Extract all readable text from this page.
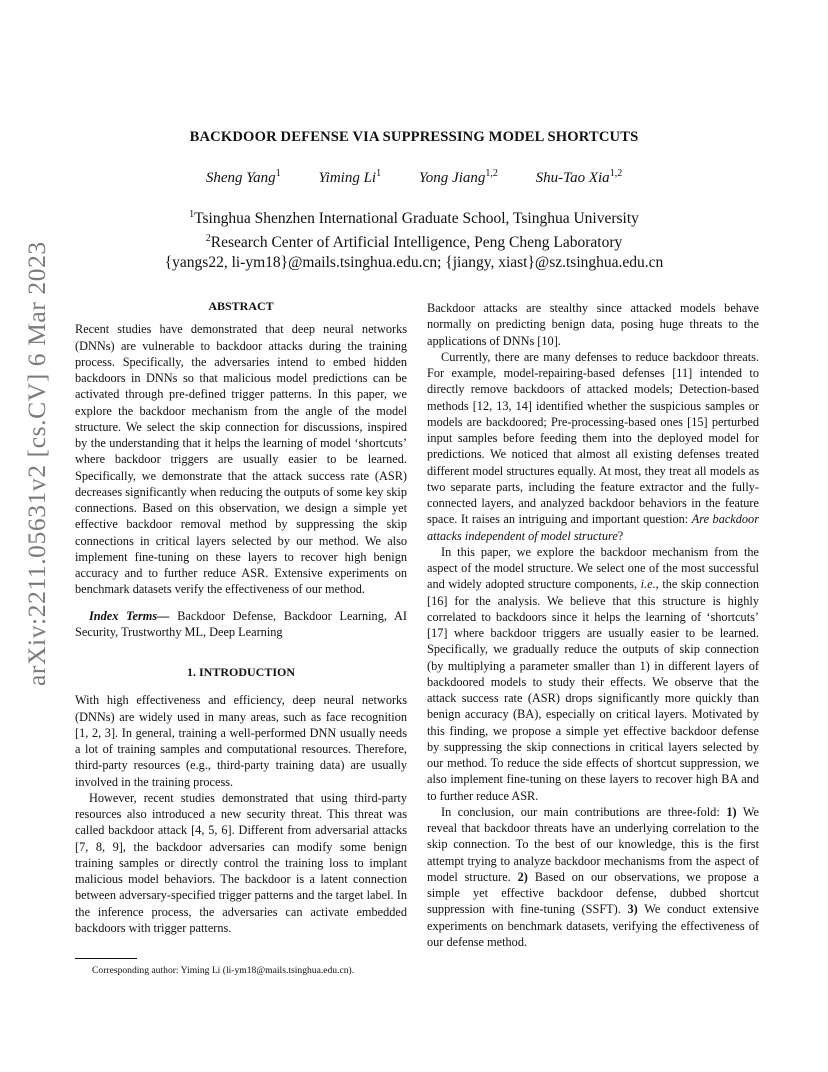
arXiv:2211.05631v2 [cs.CV] 6 Mar 2023
BACKDOOR DEFENSE VIA SUPPRESSING MODEL SHORTCUTS
Sheng Yang$^1$	Yiming Li$^1$	Yong Jiang$^{1,2}$	Shu-Tao Xia$^{1,2}$
$^1$Tsinghua Shenzhen International Graduate School, Tsinghua University
$^2$Research Center of Artificial Intelligence, Peng Cheng Laboratory
{yangs22, li-ym18}@mails.tsinghua.edu.cn; {jiangy, xiast}@sz.tsinghua.edu.cn
ABSTRACT

Recent studies have demonstrated that deep neural networks (DNNs) are vulnerable to backdoor attacks during the training process. Specifically, the adversaries intend to embed hidden backdoors in DNNs so that malicious model predictions can be activated through pre-defined trigger patterns. In this paper, we explore the backdoor mechanism from the angle of the model structure. We select the skip connection for discussions, inspired by the understanding that it helps the learning of model ‘shortcuts’ where backdoor triggers are usually easier to be learned. Specifically, we demonstrate that the attack success rate (ASR) decreases significantly when reducing the outputs of some key skip connections. Based on this observation, we design a simple yet effective backdoor removal method by suppressing the skip connections in critical layers selected by our method. We also implement fine-tuning on these layers to recover high benign accuracy and to further reduce ASR. Extensive experiments on benchmark datasets verify the effectiveness of our method.

Index Terms— Backdoor Defense, Backdoor Learning, AI Security, Trustworthy ML, Deep Learning

1. INTRODUCTION

With high effectiveness and efficiency, deep neural networks (DNNs) are widely used in many areas, such as face recognition [1, 2, 3]. In general, training a well-performed DNN usually needs a lot of training samples and computational resources. Therefore, third-party resources (e.g., third-party training data) are usually involved in the training process.

However, recent studies demonstrated that using third-party resources also introduced a new security threat. This threat was called backdoor attack [4, 5, 6]. Different from adversarial attacks [7, 8, 9], the backdoor adversaries can modify some benign training samples or directly control the training loss to implant malicious model behaviors. The backdoor is a latent connection between adversary-specified trigger patterns and the target label. In the inference process, the adversaries can activate embedded backdoors with trigger patterns.

Backdoor attacks are stealthy since attacked models behave normally on predicting benign data, posing huge threats to the applications of DNNs [10].

Currently, there are many defenses to reduce backdoor threats. For example, model-repairing-based defenses [11] intended to directly remove backdoors of attacked models; Detection-based methods [12, 13, 14] identified whether the suspicious samples or models are backdoored; Pre-processing-based ones [15] perturbed input samples before feeding them into the deployed model for predictions. We noticed that almost all existing defenses treated different model structures equally. At most, they treat all models as two separate parts, including the feature extractor and the fully-connected layers, and analyzed backdoor behaviors in the feature space. It raises an intriguing and important question: Are backdoor attacks independent of model structure?

In this paper, we explore the backdoor mechanism from the aspect of the model structure. We select one of the most successful and widely adopted structure components, i.e., the skip connection [16] for the analysis. We believe that this structure is highly correlated to backdoors since it helps the learning of ‘shortcuts’ [17] where backdoor triggers are usually easier to be learned. Specifically, we gradually reduce the outputs of skip connection (by multiplying a parameter smaller than 1) in different layers of backdoored models to study their effects. We observe that the attack success rate (ASR) drops significantly more quickly than benign accuracy (BA), especially on critical layers. Motivated by this finding, we propose a simple yet effective backdoor defense by suppressing the skip connections in critical layers selected by our method. To reduce the side effects of shortcut suppression, we also implement fine-tuning on these layers to recover high BA and to further reduce ASR.

In conclusion, our main contributions are three-fold: 1) We reveal that backdoor threats have an underlying correlation to the skip connection. To the best of our knowledge, this is the first attempt trying to analyze backdoor mechanisms from the aspect of model structure. 2) Based on our observations, we propose a simple yet effective backdoor defense, dubbed shortcut suppression with fine-tuning (SSFT). 3) We conduct extensive experiments on benchmark datasets, verifying the effectiveness of our defense method.

Corresponding author: Yiming Li (li-ym18@mails.tsinghua.edu.cn).
